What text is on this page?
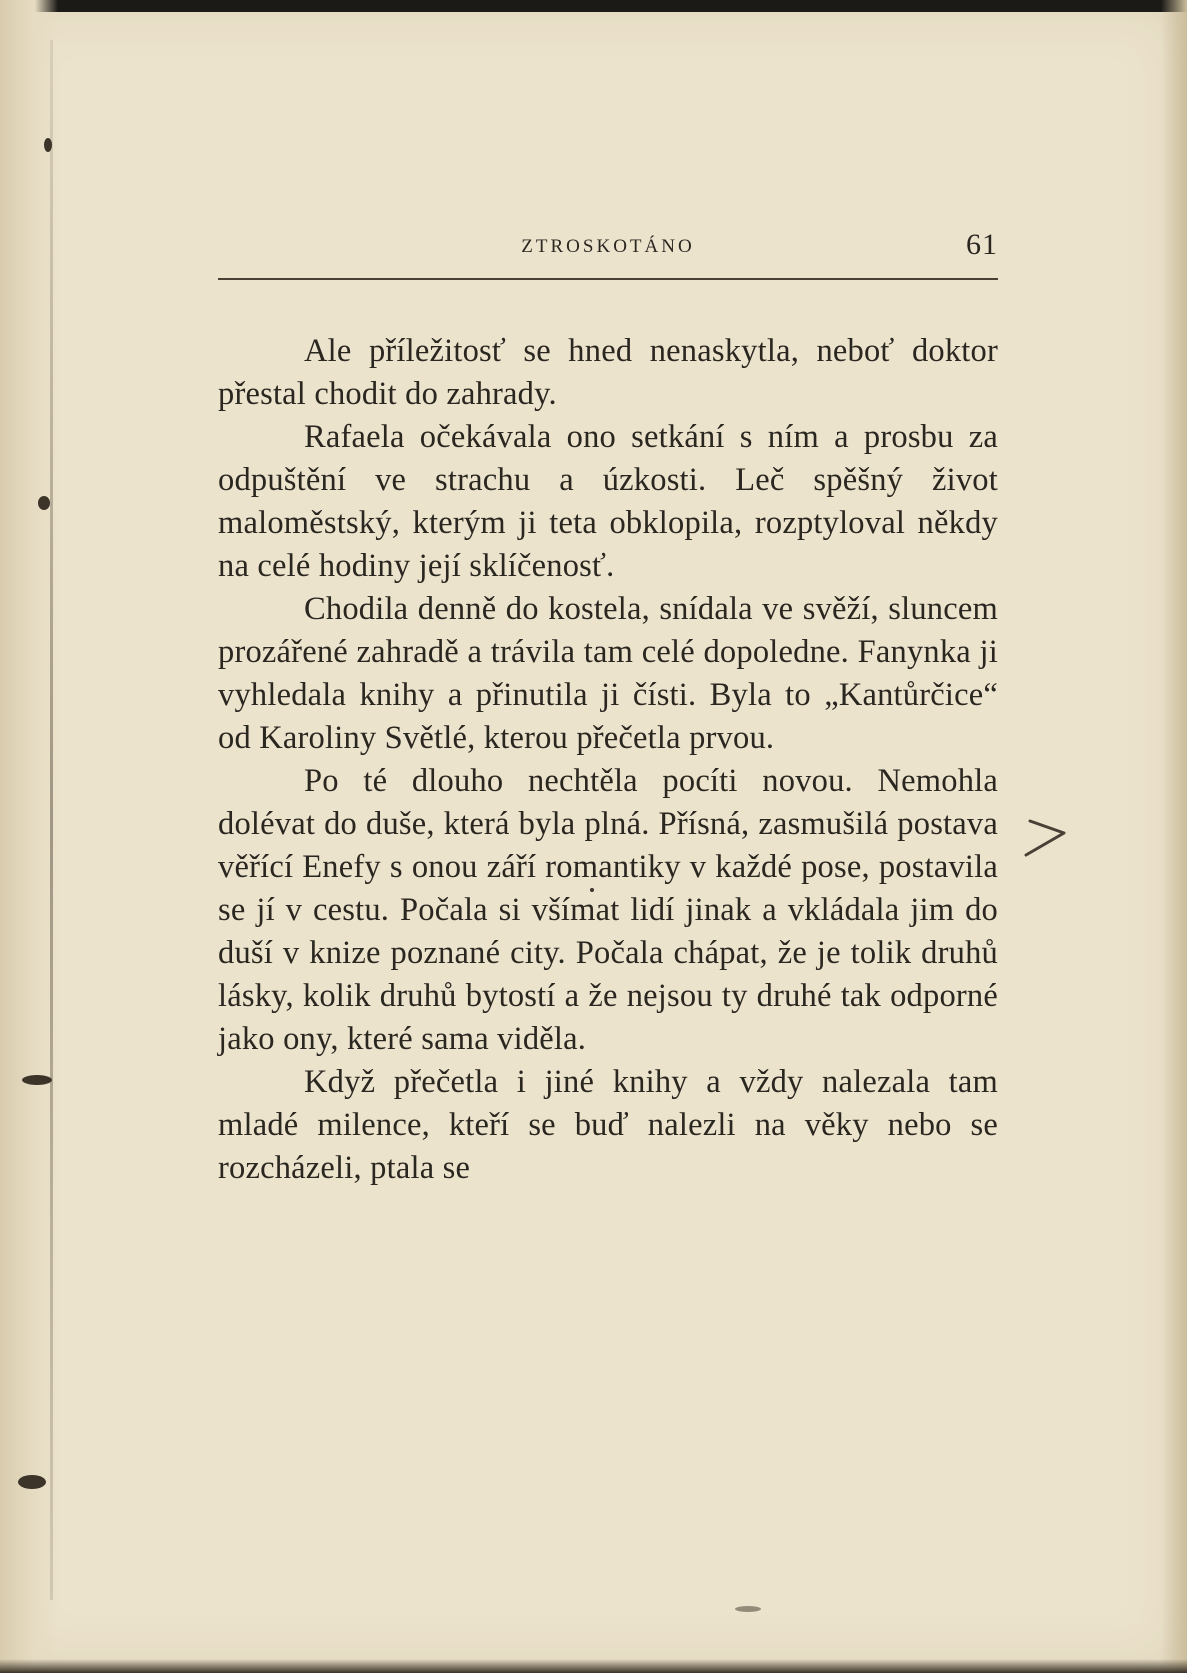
ZTROSKOTÁNO	61

Ale příležitosť se hned nenaskytla, neboť doktor přestal chodit do zahrady.

Rafaela očekávala ono setkání s ním a prosbu za odpuštění ve strachu a úzkosti. Leč spěšný život maloměstský, kterým ji teta obklopila, rozptyloval někdy na celé hodiny její sklíčenosť.

Chodila denně do kostela, snídala ve svěží, sluncem prozářené zahradě a trávila tam celé dopoledne. Fanynka ji vyhledala knihy a přinutila ji čísti. Byla to „Kantůrčice“ od Karoliny Světlé, kterou přečetla prvou.

Po té dlouho nechtěla pocíti novou. Nemohla dolévat do duše, která byla plná. Přísná, zasmušilá postava věřící Enefy s onou září romantiky v každé pose, postavila se jí v cestu. Počala si všímat lidí jinak a vkládala jim do duší v knize poznané city. Počala chápat, že je tolik druhů lásky, kolik druhů bytostí a že nejsou ty druhé tak odporné jako ony, které sama viděla.

Když přečetla i jiné knihy a vždy nalezala tam mladé milence, kteří se buď nalezli na věky nebo se rozcházeli, ptala se
